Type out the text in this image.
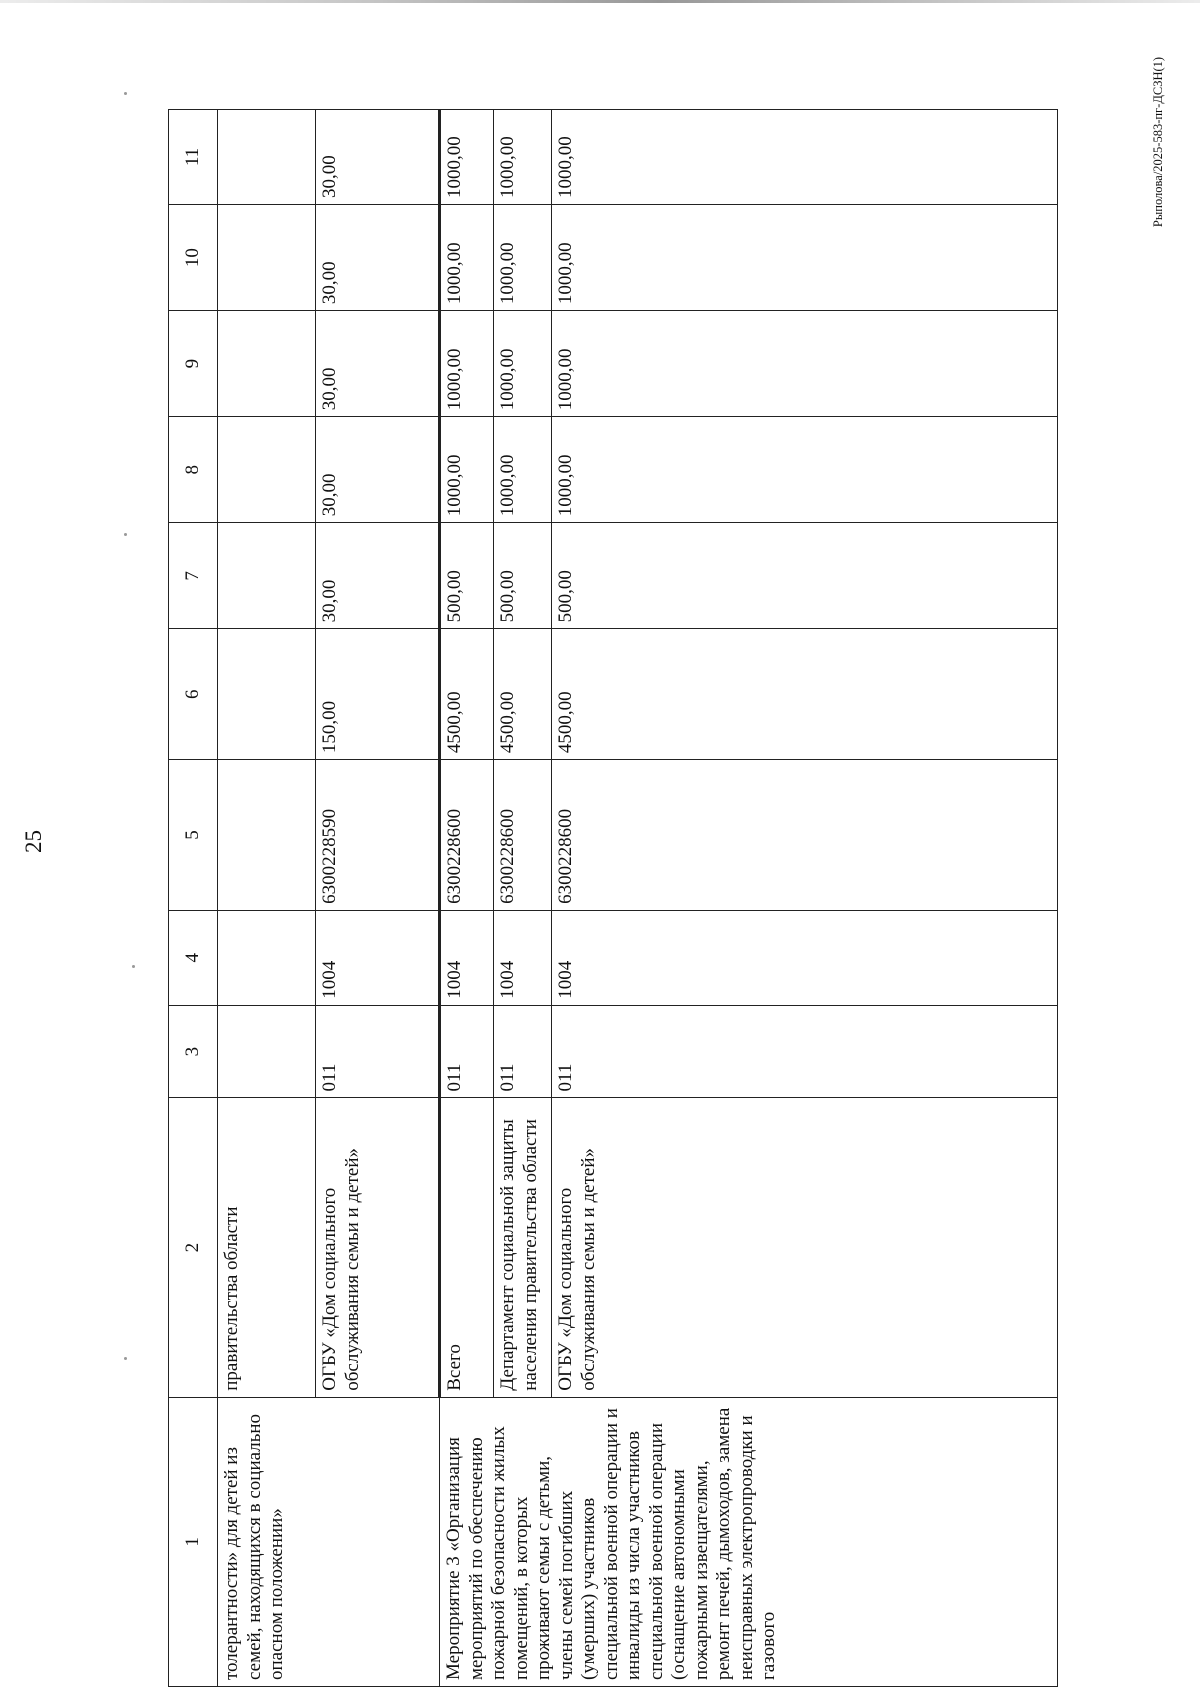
25
Рыполова/2025-583-пг-ДСЗН(1)
1	2	3	4	5	6	7	8	9	10	11
толерантности» для детей из семей, находящихся в социально опасном положении»	правительства области									
	ОГБУ «Дом социального обслуживания семьи и детей»	011	1004	6300228590	150,00	30,00	30,00	30,00	30,00	30,00
Мероприятие 3 «Организация мероприятий по обеспечению пожарной безопасности жилых помещений, в которых проживают семьи с детьми, члены семей погибших (умерших) участников специальной военной операции и инвалиды из числа участников специальной военной операции (оснащение автономными пожарными извещателями, ремонт печей, дымоходов, замена неисправных электропроводки и газового	Всего	011	1004	6300228600	4500,00	500,00	1000,00	1000,00	1000,00	1000,00
	Департамент социальной защиты населения правительства области	011	1004	6300228600	4500,00	500,00	1000,00	1000,00	1000,00	1000,00
	ОГБУ «Дом социального обслуживания семьи и детей»	011	1004	6300228600	4500,00	500,00	1000,00	1000,00	1000,00	1000,00
